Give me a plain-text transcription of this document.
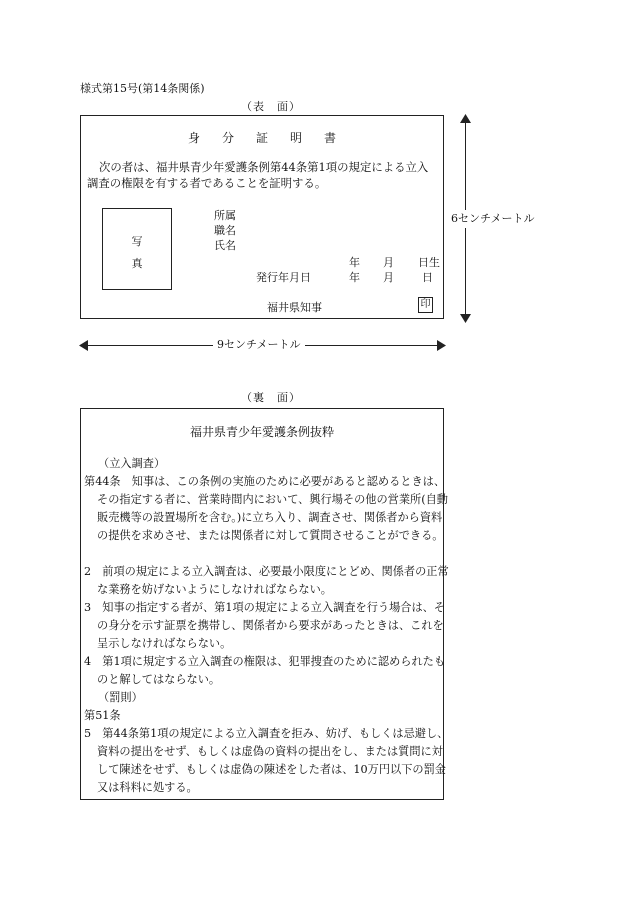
様式第15号(第14条関係)
（表　面）
身分証明書
次の者は、福井県青少年愛護条例第44条第1項の規定による立入調査の権限を有する者であることを証明する。
写
真
所属
職名
氏名
年 月 日生
発行年月日	年 月	日
福井県知事	印
6センチメートル
9センチメートル
（裏　面）
福井県青少年愛護条例抜粋
（立入調査）
第44条　知事は、この条例の実施のために必要があると認めるときは、その指定する者に、営業時間内において、興行場その他の営業所(自動販売機等の設置場所を含む。)に立ち入り、調査させ、関係者から資料の提供を求めさせ、または関係者に対して質問させることができる。
2　前項の規定による立入調査は、必要最小限度にとどめ、関係者の正常な業務を妨げないようにしなければならない。
3　知事の指定する者が、第1項の規定による立入調査を行う場合は、その身分を示す証票を携帯し、関係者から要求があったときは、これを呈示しなければならない。
4　第1項に規定する立入調査の権限は、犯罪捜査のために認められたものと解してはならない。
（罰則）
第51条
5　第44条第1項の規定による立入調査を拒み、妨げ、もしくは忌避し、資料の提出をせず、もしくは虚偽の資料の提出をし、または質問に対して陳述をせず、もしくは虚偽の陳述をした者は、10万円以下の罰金又は科料に処する。
